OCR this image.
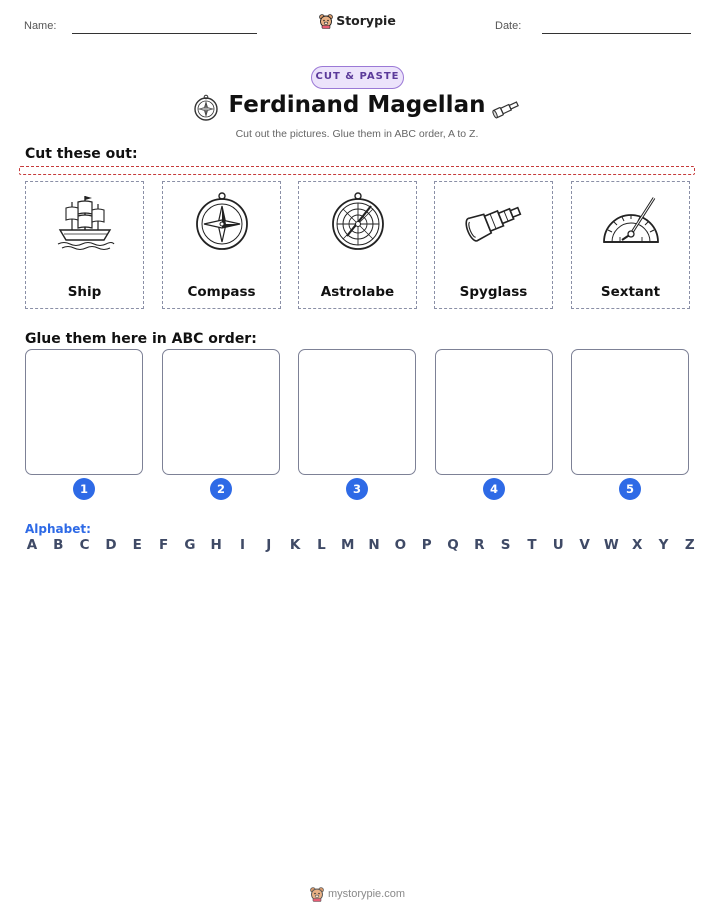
Name:	Storypie	Date:
CUT & PASTE
Ferdinand Magellan
Cut out the pictures. Glue them in ABC order, A to Z.
Cut these out:
Ship	Compass	Astrolabe	Spyglass	Sextant
Glue them here in ABC order:
1	2	3	4	5
Alphabet:
A B C D E F G H	I	J	K L M N O P Q R S T U V W X Y Z
mystorypie.com
